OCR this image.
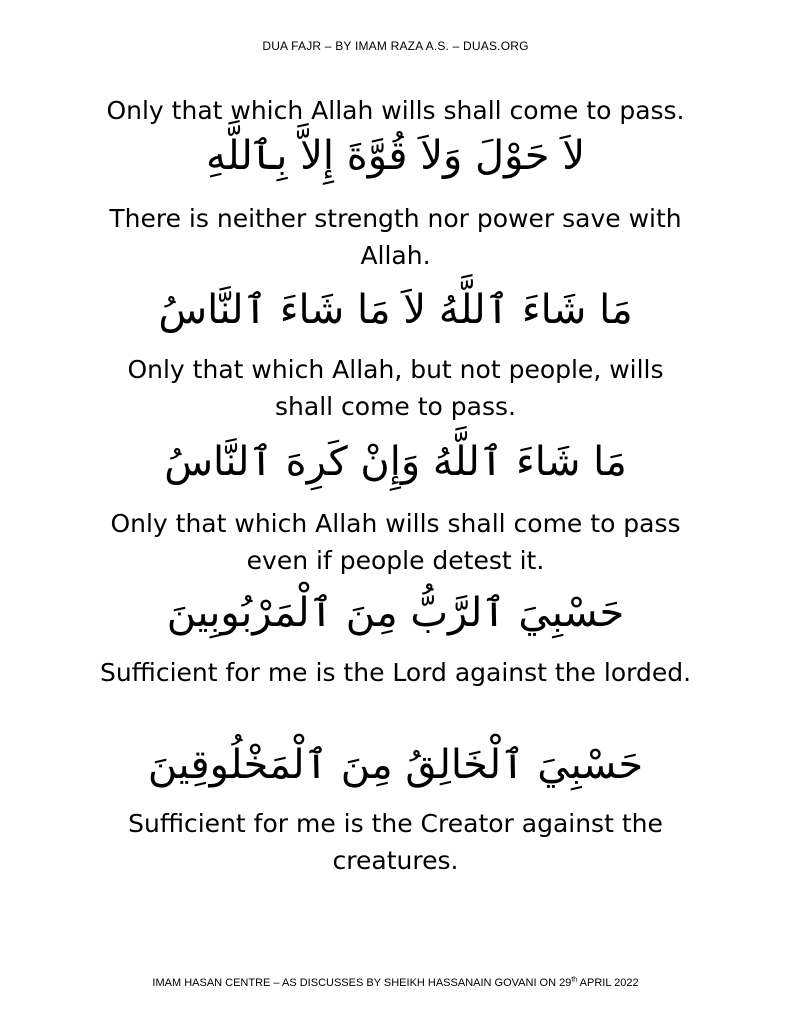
DUA FAJR – BY IMAM RAZA A.S. – DUAS.ORG
Only that which Allah wills shall come to pass.
لاَ حَوْلَ وَلاَ قُوَّةَ إِلاَّ بِٱللَّهِ
There is neither strength nor power save with Allah.
مَا شَاءَ ٱللَّهُ لاَ مَا شَاءَ ٱلنَّاسُ
Only that which Allah, but not people, wills shall come to pass.
مَا شَاءَ ٱللَّهُ وَإِنْ كَرِهَ ٱلنَّاسُ
Only that which Allah wills shall come to pass even if people detest it.
حَسْبِيَ ٱلرَّبُّ مِنَ ٱلْمَرْبُوبِينَ
Sufficient for me is the Lord against the lorded.
حَسْبِيَ ٱلْخَالِقُ مِنَ ٱلْمَخْلُوقِينَ
Sufficient for me is the Creator against the creatures.
IMAM HASAN CENTRE – AS DISCUSSES BY SHEIKH HASSANAIN GOVANI ON 29th APRIL 2022
